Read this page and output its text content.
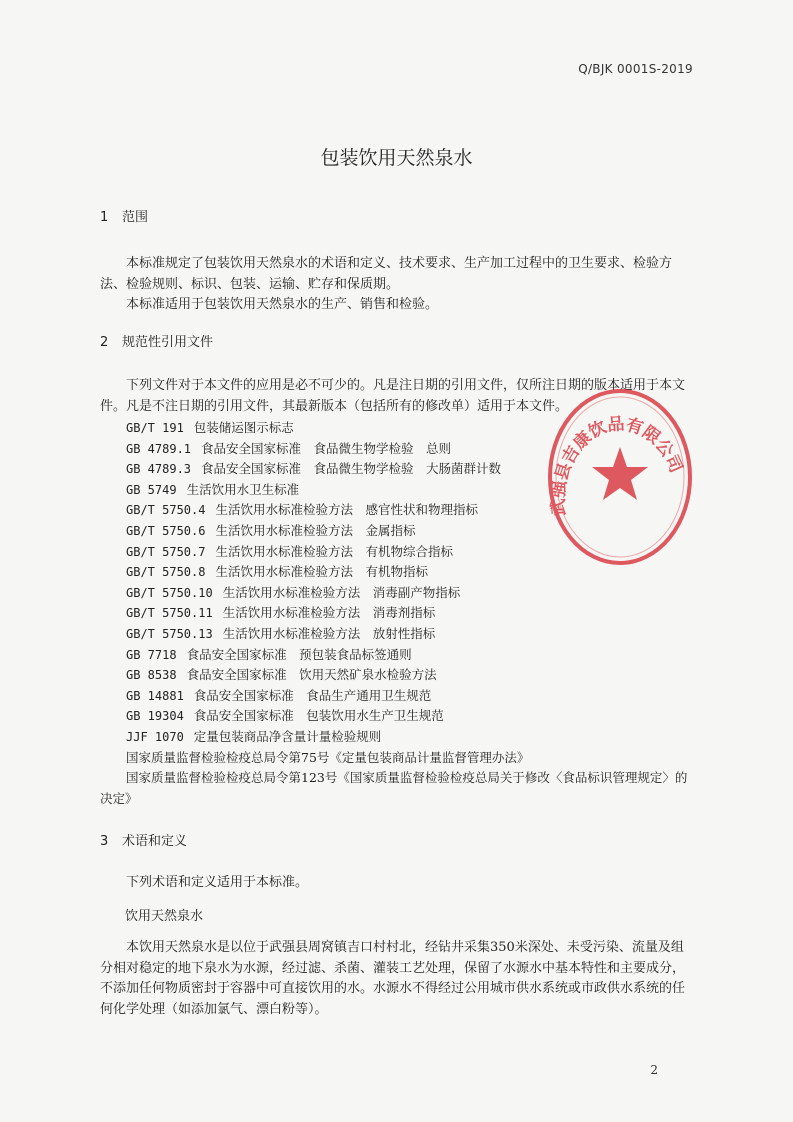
Q/BJK 0001S-2019
包装饮用天然泉水
1 范围

本标准规定了包装饮用天然泉水的术语和定义、技术要求、生产加工过程中的卫生要求、检验方法、检验规则、标识、包装、运输、贮存和保质期。

本标准适用于包装饮用天然泉水的生产、销售和检验。

2 规范性引用文件

下列文件对于本文件的应用是必不可少的。凡是注日期的引用文件，仅所注日期的版本适用于本文件。凡是不注日期的引用文件，其最新版本（包括所有的修改单）适用于本文件。

GB/T 191 包装储运图示标志
GB 4789.1 食品安全国家标准　食品微生物学检验　总则
GB 4789.3 食品安全国家标准　食品微生物学检验　大肠菌群计数
GB 5749 生活饮用水卫生标准
GB/T 5750.4 生活饮用水标准检验方法　感官性状和物理指标
GB/T 5750.6 生活饮用水标准检验方法　金属指标
GB/T 5750.7 生活饮用水标准检验方法　有机物综合指标
GB/T 5750.8 生活饮用水标准检验方法　有机物指标
GB/T 5750.10 生活饮用水标准检验方法　消毒副产物指标
GB/T 5750.11 生活饮用水标准检验方法　消毒剂指标
GB/T 5750.13 生活饮用水标准检验方法　放射性指标
GB 7718 食品安全国家标准　预包装食品标签通则
GB 8538 食品安全国家标准　饮用天然矿泉水检验方法
GB 14881 食品安全国家标准　食品生产通用卫生规范
GB 19304 食品安全国家标准　包装饮用水生产卫生规范
JJF 1070 定量包装商品净含量计量检验规则
国家质量监督检验检疫总局令第75号《定量包装商品计量监督管理办法》
国家质量监督检验检疫总局令第123号《国家质量监督检验检疫总局关于修改〈食品标识管理规定〉的决定》
3 术语和定义

下列术语和定义适用于本标准。

饮用天然泉水

本饮用天然泉水是以位于武强县周窝镇吉口村村北，经钻井采集350米深处、未受污染、流量及组分相对稳定的地下泉水为水源，经过滤、杀菌、灌装工艺处理，保留了水源水中基本特性和主要成分，不添加任何物质密封于容器中可直接饮用的水。水源水不得经过公用城市供水系统或市政供水系统的任何化学处理（如添加氯气、漂白粉等）。

2
武强县吉康饮品有限公司
